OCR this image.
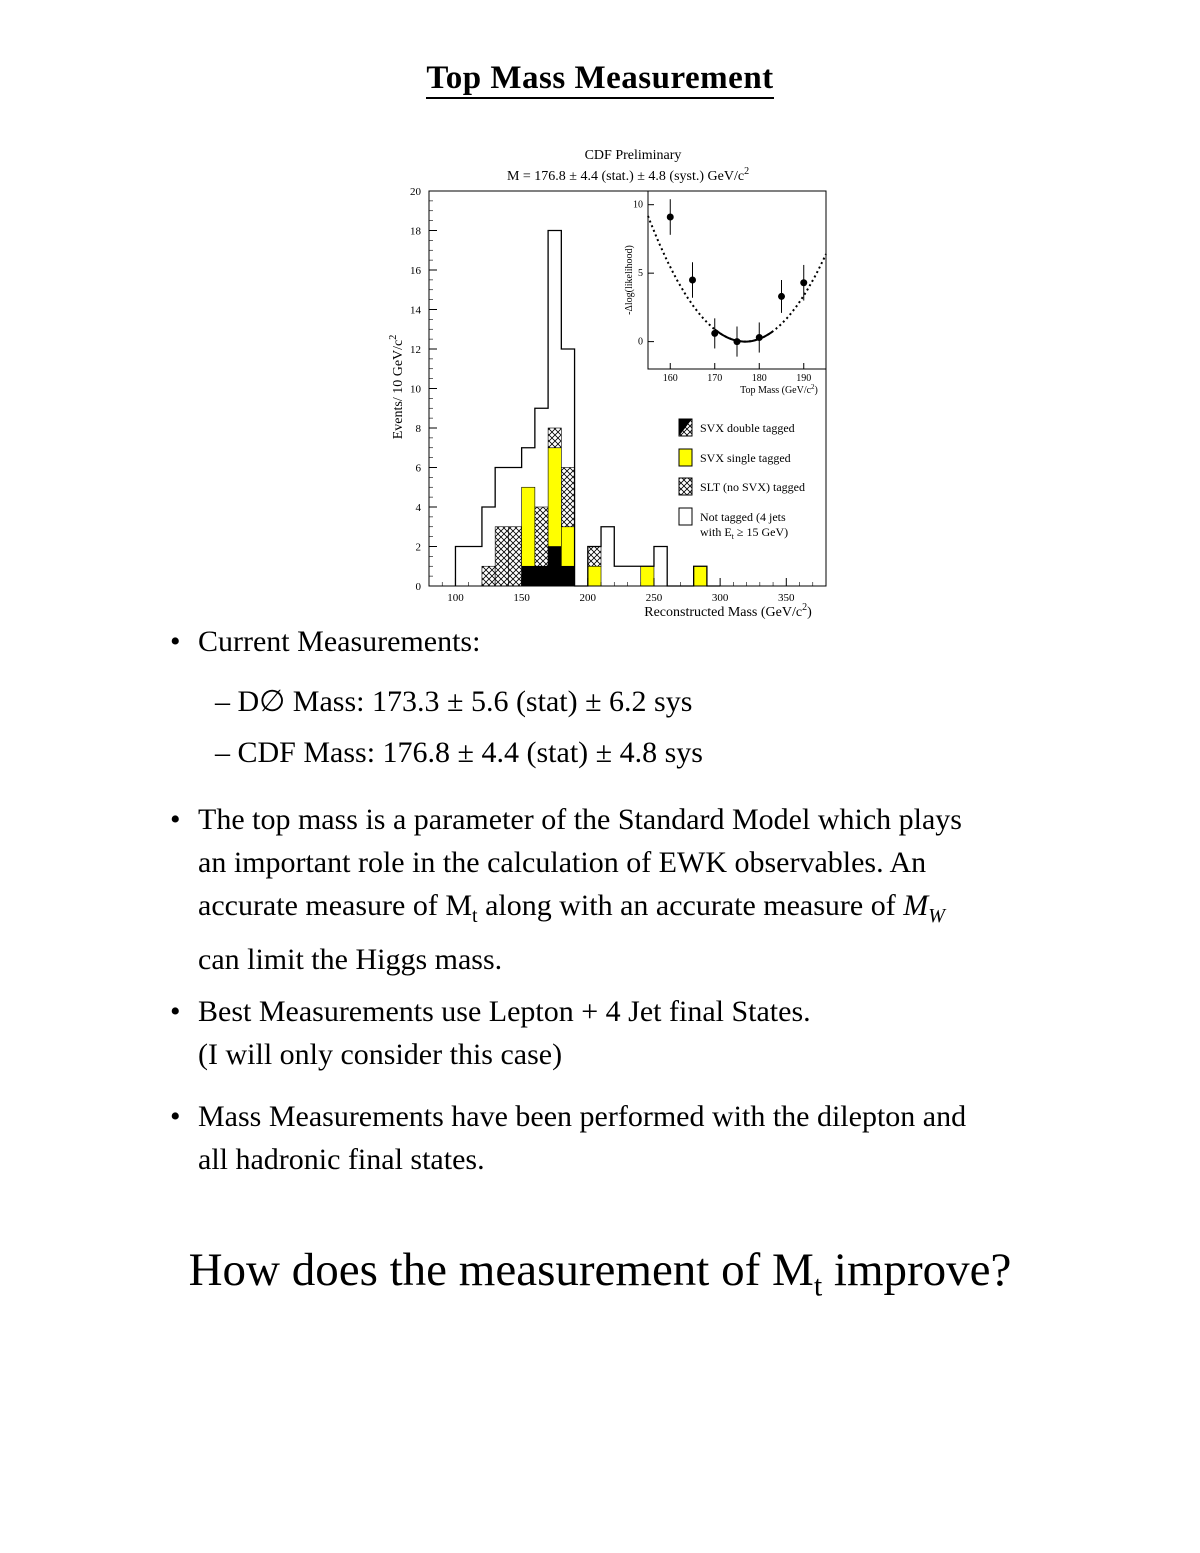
Top Mass Measurement
CDF Preliminary
M = 176.8 ± 4.4 (stat.) ± 4.8 (syst.) GeV/$c^2$
0
2
4
6
8
10
12
14
16
18
20
100	150	200	250	300	350
0
5
10
160	170	180	190
Reconstructed Mass $(GeV/c^2)$
Events/ 10 GeV/$c^2$
SVX double tagged
SVX single tagged
SLT (no SVX) tagged
Not tagged (4 jets
with $E_t \ge 15$ GeV)
Top Mass $(GeV/c^2)$
-Δlog(likelihood)
• Current Measurements:
– D∅ Mass: 173.3 ± 5.6 (stat) ± 6.2 sys
– CDF Mass: 176.8 ± 4.4 (stat) ± 4.8 sys
• The top mass is a parameter of the Standard Model which plays
an important role in the calculation of EWK observables. An
accurate measure of $M_t$ along with an accurate measure of $M_W$
can limit the Higgs mass.
• Best Measurements use Lepton + 4 Jet final States.
(I will only consider this case)
• Mass Measurements have been performed with the dilepton and
all hadronic final states.
How does the measurement of $M_t$ improve?
